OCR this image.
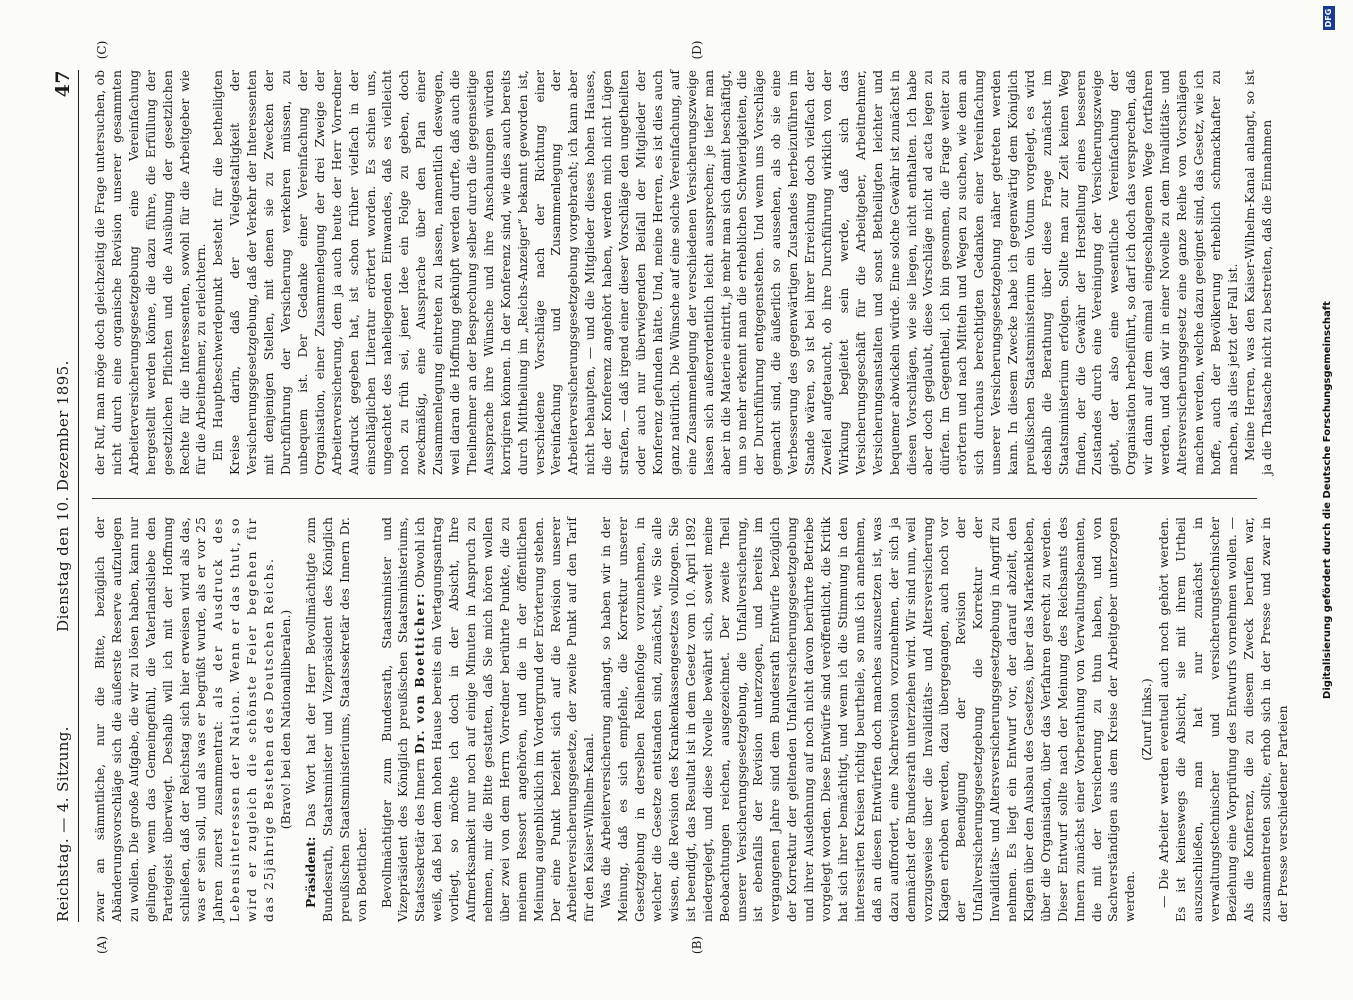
Reichstag. — 4. Sitzung.
Dienstag den 10. Dezember 1895.
47
(A)	(B)
(C)	(D)

zwar an sämmtliche, nur die Bitte, bezüglich der Abänderungsvorschläge sich die äußerste Reserve aufzulegen zu wollen. Die große Aufgabe, die wir zu lösen haben, kann nur gelingen, wenn das Gemeingefühl, die Vaterlandsliebe den Parteigeist überwiegt. Deshalb will ich mit der Hoffnung schließen, daß der Reichstag sich hier erweisen wird als das, was er sein soll, und als was er begrüßt wurde, als er vor 25 Jahren zuerst zusammentrat: als der Ausdruck des Lebensinteressen der Nation. Wenn er das thut, so wird er zugleich die schönste Feier begehen für das 25jährige Bestehen des Deutschen Reichs. (Bravo! bei den Nationalliberalen.)

Präsident: Das Wort hat der Herr Bevollmächtigte zum Bundesrath, Staatsminister und Vizepräsident des Königlich preußischen Staatsministeriums, Staatssekretär des Innern Dr. von Boetticher. Bevollmächtigter zum Bundesrath, Staatsminister und Vizepräsident des Königlich preußischen Staatsministeriums, Staatssekretär des Innern Dr. von Boetticher: Obwohl ich weiß, daß bei dem hohen Hause bereits ein Vertagungsantrag vorliegt, so möchte ich doch in der Absicht, Ihre Aufmerksamkeit nur noch auf einige Minuten in Anspruch zu nehmen, mir die Bitte gestatten, daß Sie mich hören wollen über zwei von dem Herrn Vorredner berührte Punkte, die zu meinem Ressort angehören, und die in der öffentlichen Meinung augenblicklich im Vordergrund der Erörterung stehen. Der eine Punkt bezieht sich auf die Revision unserer Arbeiterversicherungsgesetze, der zweite Punkt auf den Tarif für den Kaiser-Wilhelm-Kanal. Was die Arbeiterversicherung anlangt, so haben wir in der Meinung, daß es sich empfehle, die Korrektur unserer Gesetzgebung in derselben Reihenfolge vorzunehmen, in welcher die Gesetze entstanden sind, zunächst, wie Sie alle wissen, die Revision des Krankenkassengesetzes vollzogen. Sie ist beendigt, das Resultat ist in dem Gesetz vom 10. April 1892 niedergelegt, und diese Novelle bewährt sich, soweit meine Beobachtungen reichen, ausgezeichnet. Der zweite Theil unserer Versicherungsgesetzgebung, die Unfallversicherung, ist ebenfalls der Revision unterzogen, und bereits im vergangenen Jahre sind dem Bundesrath Entwürfe bezüglich der Korrektur der geltenden Unfallversicherungsgesetzgebung und ihrer Ausdehnung auf noch nicht davon berührte Betriebe vorgelegt worden. Diese Entwürfe sind veröffentlicht, die Kritik hat sich ihrer bemächtigt, und wenn ich die Stimmung in den interessirten Kreisen richtig beurtheile, so muß ich annehmen, daß an diesen Entwürfen doch manches auszusetzen ist, was dazu auffordert, eine Nachrevision vorzunehmen, der sich ja demnächst der Bundesrath unterziehen wird. Wir sind nun, weil vorzugsweise über die Invaliditäts- und Altersversicherung Klagen erhoben werden, dazu übergegangen, auch noch vor der Beendigung der Revision der Unfallversicherungsgesetzgebung die Korrektur der Invaliditäts- und Altersversicherungsgesetzgebung in Angriff zu nehmen. Es liegt ein Entwurf vor, der darauf abzielt, den Klagen über den Ausbau des Gesetzes, über das Markenkleben, über die Organisation, über das Verfahren gerecht zu werden. Dieser Entwurf sollte nach der Meinung des Reichsamts des Innern zunächst einer Vorberathung von Verwaltungsbeamten, die mit der Versicherung zu thun haben, und von Sachverständigen aus dem Kreise der Arbeitgeber unterzogen werden.

(Zuruf links.) — Die Arbeiter werden eventuell auch noch gehört werden. Es ist keineswegs die Absicht, sie mit ihrem Urtheil auszuschließen, man hat nur zunächst in verwaltungstechnischer und versicherungstechnischer Beziehung eine Vorprüfung des Entwurfs vornehmen wollen. — Als die Konferenz, die zu diesem Zweck berufen war, zusammentreten sollte, erhob sich in der Presse und zwar in der Presse verschiedener Parteien

der Ruf, man möge doch gleichzeitig die Frage untersuchen, ob nicht durch eine organische Revision unserer gesammten Arbeiterversicherungsgesetzgebung eine Vereinfachung hergestellt werden könne, die dazu führe, die Erfüllung der gesetzlichen Pflichten und die Ausübung der gesetzlichen Rechte für die Interessenten, sowohl für die Arbeitgeber wie für die Arbeitnehmer, zu erleichtern. Ein Hauptbeschwerdepunkt besteht für die betheiligten Kreise darin, daß der Vielgestaltigkeit der Versicherungsgesetzgebung, daß der Verkehr der Interessenten mit denjenigen Stellen, mit denen sie zu Zwecken der Durchführung der Versicherung verkehren müssen, zu unbequem ist. Der Gedanke einer Vereinfachung der Organisation, einer Zusammenlegung der drei Zweige der Arbeiterversicherung, dem ja auch heute der Herr Vorredner Ausdruck gegeben hat, ist schon früher vielfach in der einschläglichen Literatur erörtert worden. Es schien uns, ungeachtet des naheliegenden Einwandes, daß es vielleicht noch zu früh sei, jener Idee ein Folge zu geben, doch zweckmäßig, eine Aussprache über den Plan einer Zusammenlegung eintreten zu lassen, namentlich deswegen, weil daran die Hoffnung geknüpft werden durfte, daß auch die Theilnehmer an der Besprechung selber durch die gegenseitige Aussprache ihre Wünsche und ihre Anschauungen würden korrigiren können. In der Konferenz sind, wie dies auch bereits durch Mittheilung im „Reichs-Anzeiger“ bekannt geworden ist, verschiedene Vorschläge nach der Richtung einer Vereinfachung und Zusammenlegung der Arbeiterversicherungsgesetzgebung vorgebracht; ich kann aber nicht behaupten, — und die Mitglieder dieses hohen Hauses, die der Konferenz angehört haben, werden mich nicht Lügen strafen, — daß irgend einer dieser Vorschläge den ungetheilten oder auch nur überwiegenden Beifall der Mitglieder der Konferenz gefunden hätte. Und, meine Herren, es ist dies auch ganz natürlich. Die Wünsche auf eine solche Vereinfachung, auf eine Zusammenlegung der verschiedenen Versicherungszweige lassen sich außerordentlich leicht aussprechen; je tiefer man aber in die Materie eintritt, je mehr man sich damit beschäftigt, um so mehr erkennt man die erheblichen Schwierigkeiten, die der Durchführung entgegenstehen. Und wenn uns Vorschläge gemacht sind, die äußerlich so aussehen, als ob sie eine Verbesserung des gegenwärtigen Zustandes herbeizuführen im Stande wären, so ist bei ihrer Erreichung doch vielfach der Zweifel aufgetaucht, ob ihre Durchführung wirklich von der Wirkung begleitet sein werde, daß sich das Versicherungsgeschäft für die Arbeitgeber, Arbeitnehmer, Versicherungsanstalten und sonst Betheiligten leichter und bequemer abwickeln würde. Eine solche Gewähr ist zunächst in diesen Vorschlägen, wie sie liegen, nicht enthalten. Ich habe aber doch geglaubt, diese Vorschläge nicht ad acta legen zu dürfen. Im Gegentheil, ich bin gesonnen, die Frage weiter zu erörtern und nach Mitteln und Wegen zu suchen, wie dem an sich durchaus berechtigten Gedanken einer Vereinfachung unserer Versicherungsgesetzgebung näher getreten werden kann. In diesem Zwecke habe ich gegenwärtig dem Königlich preußischen Staatsministerium ein Votum vorgelegt, es wird deshalb die Berathung über diese Frage zunächst im Staatsministerium erfolgen. Sollte man zur Zeit keinen Weg finden, der die Gewähr der Herstellung eines besseren Zustandes durch eine Vereinigung der Versicherungszweige giebt, der also eine wesentliche Vereinfachung der Organisation herbeiführt, so darf ich doch das versprechen, daß wir dann auf dem einmal eingeschlagenen Wege fortfahren werden, und daß wir in einer Novelle zu dem Invaliditäts- und Altersversicherungsgesetz eine ganze Reihe von Vorschlägen machen werden, welche dazu geeignet sind, das Gesetz, wie ich hoffe, auch der Bevölkerung erheblich schmackhafter zu machen, als dies jetzt der Fall ist. Meine Herren, was den Kaiser-Wilhelm-Kanal anlangt, so ist ja die Thatsache nicht zu bestreiten, daß die Einnahmen

Digitalisierung gefördert durch die Deutsche Forschungsgemeinschaft
DFG
